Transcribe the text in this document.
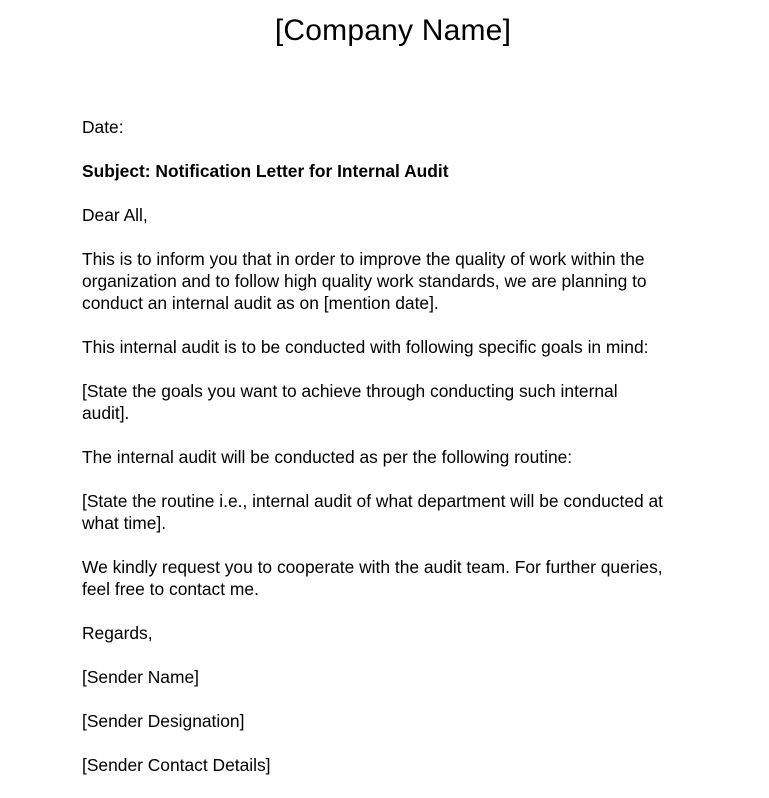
[Company Name]

Date:

Subject: Notification Letter for Internal Audit

Dear All,

This is to inform you that in order to improve the quality of work within the
organization and to follow high quality work standards, we are planning to
conduct an internal audit as on [mention date].

This internal audit is to be conducted with following specific goals in mind:

[State the goals you want to achieve through conducting such internal
audit].

The internal audit will be conducted as per the following routine:

[State the routine i.e., internal audit of what department will be conducted at
what time].

We kindly request you to cooperate with the audit team. For further queries,
feel free to contact me.

Regards,

[Sender Name]

[Sender Designation]

[Sender Contact Details]
